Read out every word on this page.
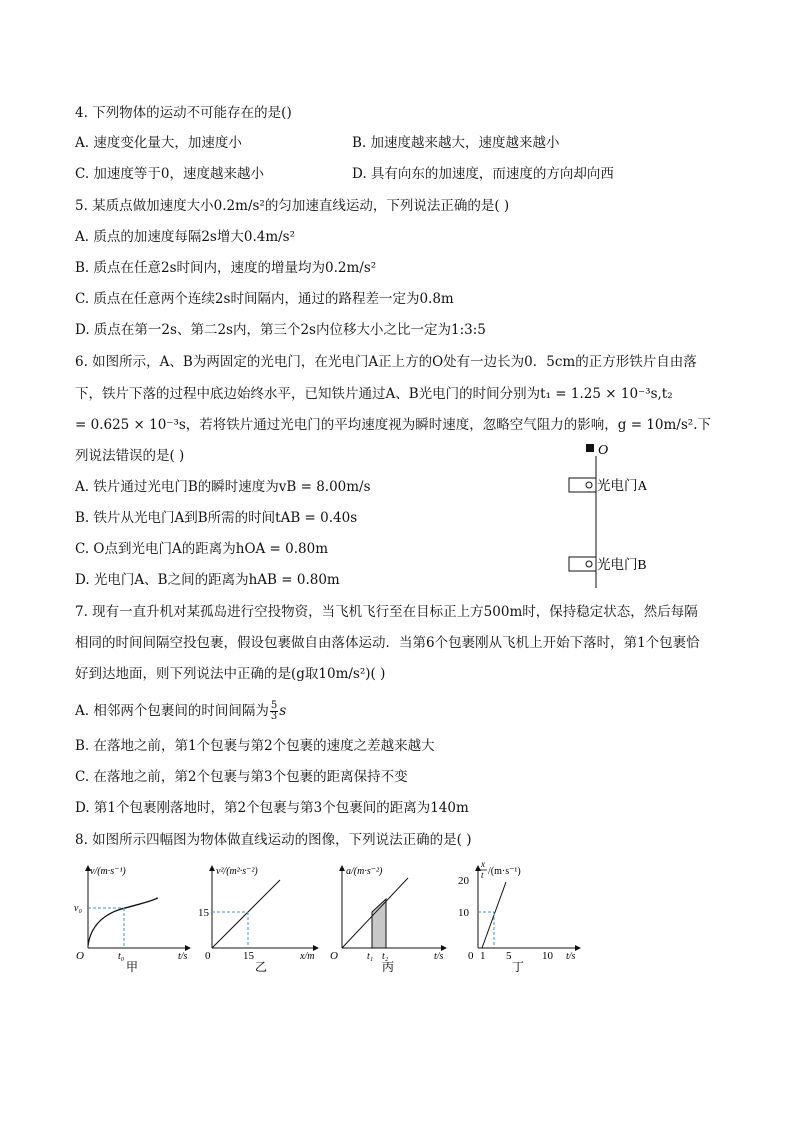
4. 下列物体的运动不可能存在的是()
A. 速度变化量大，加速度小	B. 加速度越来越大，速度越来越小
C. 加速度等于0，速度越来越小	D. 具有向东的加速度，而速度的方向却向西
5. 某质点做加速度大小0.2m/s²的匀加速直线运动，下列说法正确的是( )
A. 质点的加速度每隔2s增大0.4m/s²
B. 质点在任意2s时间内，速度的增量均为0.2m/s²
C. 质点在任意两个连续2s时间隔内，通过的路程差一定为0.8m
D. 质点在第一2s、第二2s内，第三个2s内位移大小之比一定为1:3:5
6. 如图所示，A、B为两固定的光电门，在光电门A正上方的O处有一边长为0．5cm的正方形铁片自由落
下，铁片下落的过程中底边始终水平，已知铁片通过A、B光电门的时间分别为t₁ = 1.25 × 10⁻³s,t₂
= 0.625 × 10⁻³s，若将铁片通过光电门的平均速度视为瞬时速度，忽略空气阻力的影响，g = 10m/s².下
列说法错误的是( )
A. 铁片通过光电门B的瞬时速度为vB = 8.00m/s
B. 铁片从光电门A到B所需的时间tAB = 0.40s
C. O点到光电门A的距离为hOA = 0.80m
D. 光电门A、B之间的距离为hAB = 0.80m
O
光电门A
光电门B
7. 现有一直升机对某孤岛进行空投物资，当飞机飞行至在目标正上方500m时，保持稳定状态，然后每隔
相同的时间间隔空投包裹，假设包裹做自由落体运动．当第6个包裹刚从飞机上开始下落时，第1个包裹恰
好到达地面，则下列说法中正确的是(g取10m/s²)( )
A. 相邻两个包裹间的时间间隔为 $\frac{5}{3}$ s
B. 在落地之前，第1个包裹与第2个包裹的速度之差越来越大
C. 在落地之前，第2个包裹与第3个包裹的距离保持不变
D. 第1个包裹刚落地时，第2个包裹与第3个包裹间的距离为140m
8. 如图所示四幅图为物体做直线运动的图像，下列说法正确的是( )
v/(m·s⁻¹)
t/s
O
v₀
t₀
甲
v²/(m²·s⁻²)
x/m
0
15
15
乙
a/(m·s⁻²)
t/s
O	t₁ t₂
丙
x
t /(m·s⁻¹)
t/s
0
20
10
1 5	10
丁
